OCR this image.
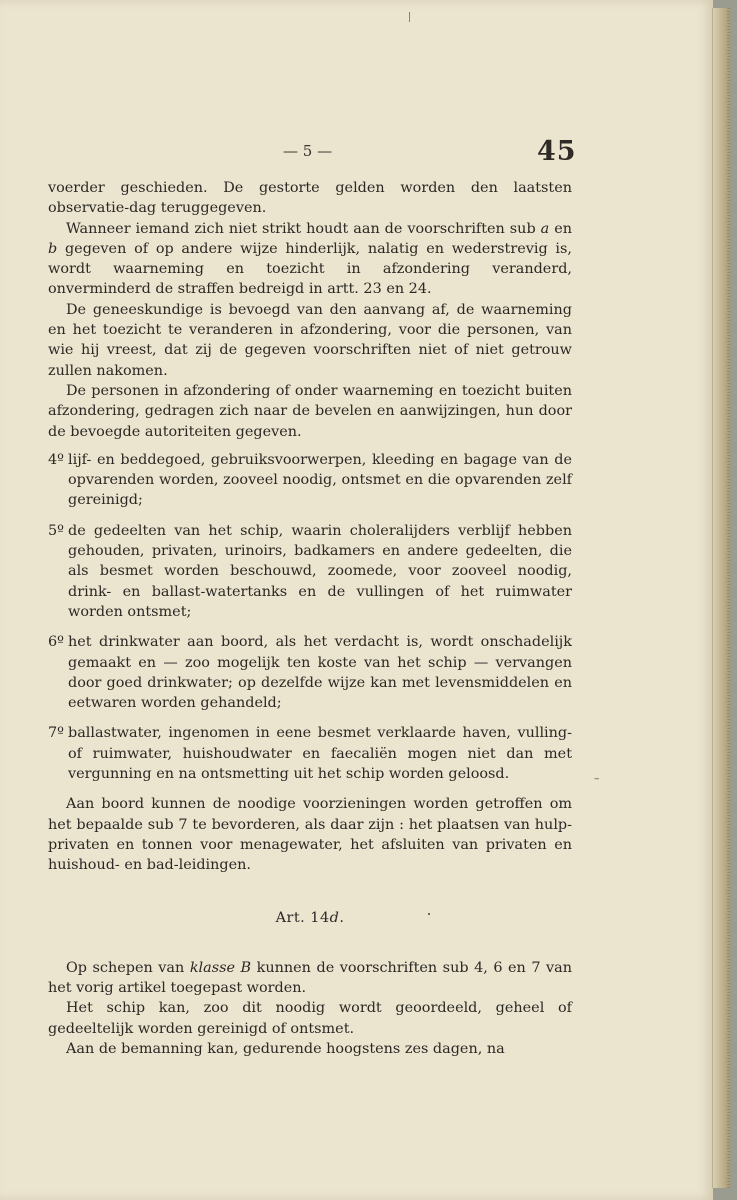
— 5 —	45

voerder geschieden. De gestorte gelden worden den laatsten observatie-dag teruggegeven.

Wanneer iemand zich niet strikt houdt aan de voorschriften sub a en b gegeven of op andere wijze hinderlijk, nalatig en wederstrevig is, wordt waarneming en toezicht in afzondering veranderd, onverminderd de straffen bedreigd in artt. 23 en 24.

De geneeskundige is bevoegd van den aanvang af, de waarneming en het toezicht te veranderen in afzondering, voor die personen, van wie hij vreest, dat zij de gegeven voorschriften niet of niet getrouw zullen nakomen.

De personen in afzondering of onder waarneming en toezicht buiten afzondering, gedragen zich naar de bevelen en aanwijzingen, hun door de bevoegde autoriteiten gegeven.

4º lijf- en beddegoed, gebruiksvoorwerpen, kleeding en bagage van de opvarenden worden, zooveel noodig, ontsmet en die opvarenden zelf gereinigd;
5º de gedeelten van het schip, waarin choleralijders verblijf hebben gehouden, privaten, urinoirs, badkamers en andere gedeelten, die als besmet worden beschouwd, zoomede, voor zooveel noodig, drink- en ballast-watertanks en de vullingen of het ruimwater worden ontsmet;
6º het drinkwater aan boord, als het verdacht is, wordt onschadelijk gemaakt en — zoo mogelijk ten koste van het schip — vervangen door goed drinkwater; op dezelfde wijze kan met levensmiddelen en eetwaren worden gehandeld;
7º ballastwater, ingenomen in eene besmet verklaarde haven, vulling- of ruimwater, huishoudwater en faecaliën mogen niet dan met vergunning en na ontsmetting uit het schip worden geloosd.

Aan boord kunnen de noodige voorzieningen worden getroffen om het bepaalde sub 7 te bevorderen, als daar zijn : het plaatsen van hulp-privaten en tonnen voor menagewater, het afsluiten van privaten en huishoud- en bad-leidingen.

Art. 14d.

Op schepen van klasse B kunnen de voorschriften sub 4, 6 en 7 van het vorig artikel toegepast worden.

Het schip kan, zoo dit noodig wordt geoordeeld, geheel of gedeeltelijk worden gereinigd of ontsmet.

Aan de bemanning kan, gedurende hoogstens zes dagen, na

–
